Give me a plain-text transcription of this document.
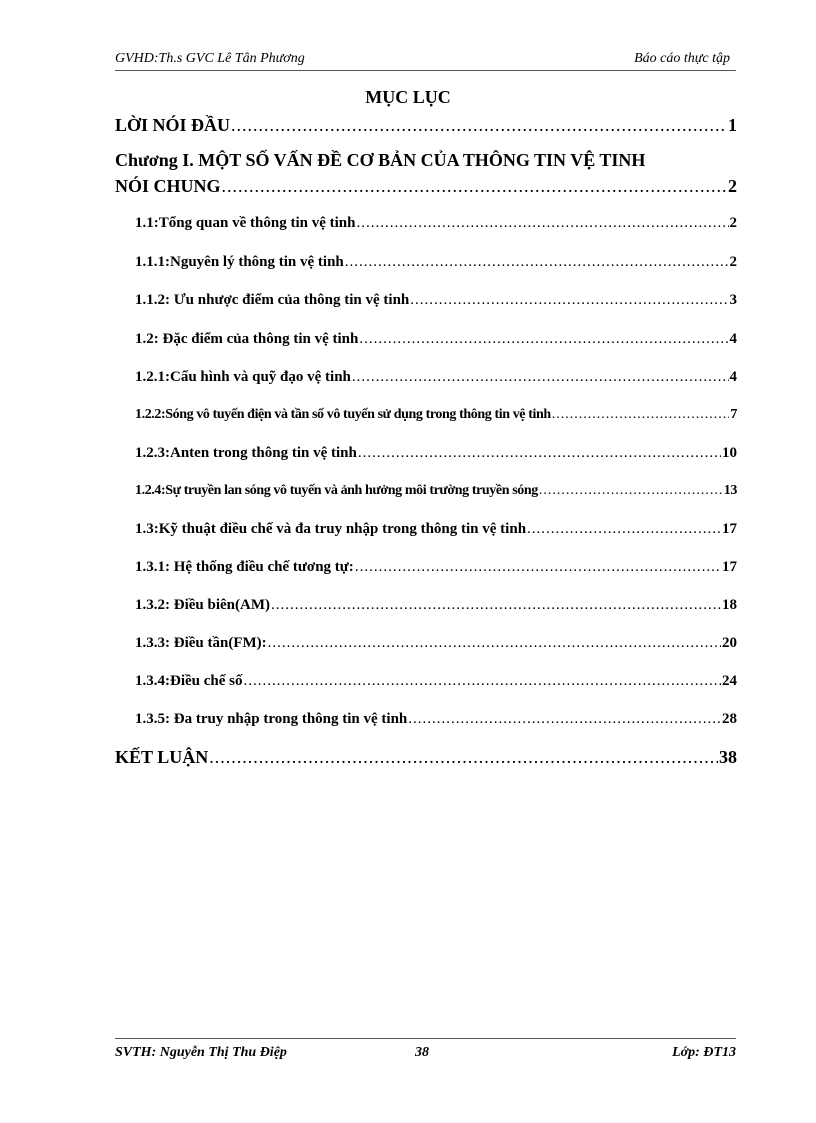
GVHD:Th.s GVC Lê Tân Phương	Báo cáo thực tập
MỤC LỤC
LỜI NÓI ĐẦU .....	1
Chương I. MỘT SỐ VẤN ĐỀ CƠ BẢN CỦA THÔNG TIN VỆ TINH
NÓI CHUNG .....	2
1.1:Tổng quan về thông tin vệ tinh .....	2
1.1.1:Nguyên lý thông tin vệ tinh .....	2
1.1.2: Ưu nhược điểm của thông tin vệ tinh .....	3
1.2: Đặc điểm của thông tin vệ tinh .....	4
1.2.1:Cấu hình và quỹ đạo vệ tinh .....	4
1.2.2:Sóng vô tuyến điện và tần số vô tuyến sử dụng trong thông tin vệ tinh .....	7
1.2.3:Anten trong thông tin vệ tinh .....	10
1.2.4:Sự truyền lan sóng vô tuyến và ảnh hưởng môi trường truyền sóng .....	13
1.3:Kỹ thuật điều chế và đa truy nhập trong thông tin vệ tinh .....	17
1.3.1: Hệ thống điều chế tương tự: .....	17
1.3.2: Điều biên(AM) .....	18
1.3.3: Điều tần(FM): .....	20
1.3.4:Điều chế số .....	24
1.3.5: Đa truy nhập trong thông tin vệ tinh .....	28
KẾT LUẬN .....	38
SVTH: Nguyễn Thị Thu Điệp	38	Lớp: ĐT13
